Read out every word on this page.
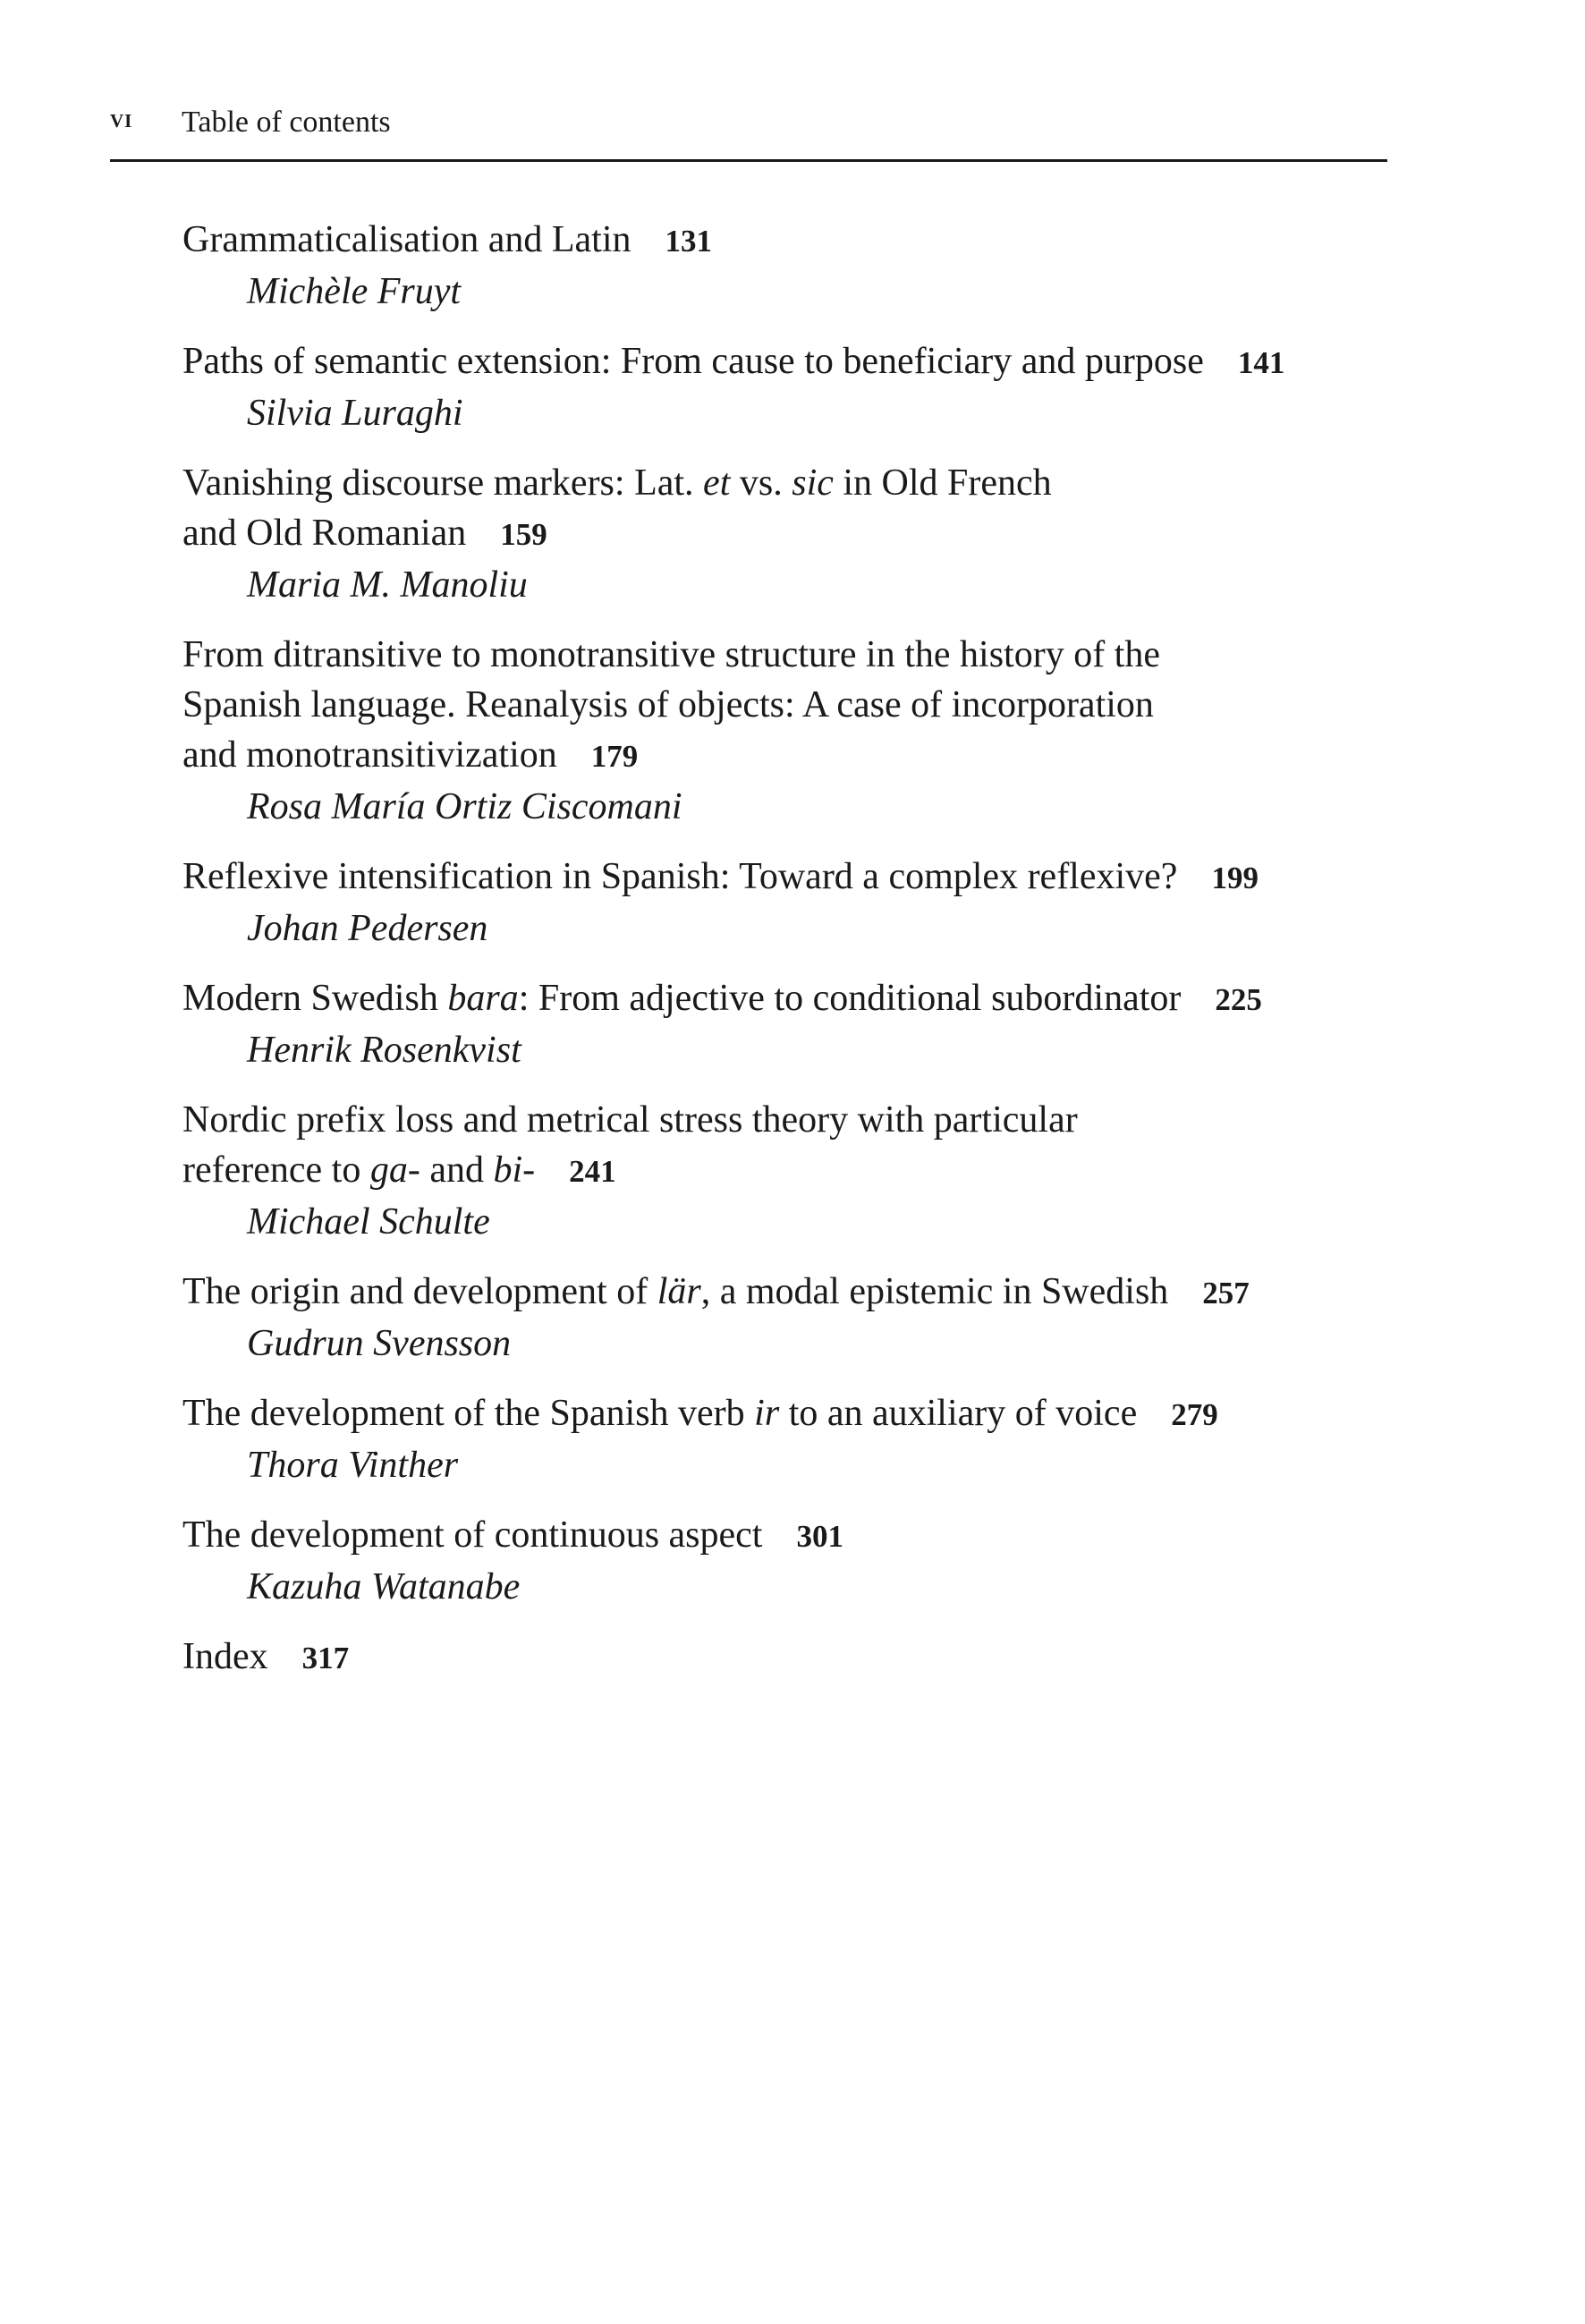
vi Table of contents
Grammaticalisation and Latin 131
Michèle Fruyt
Paths of semantic extension: From cause to beneficiary and purpose 141
Silvia Luraghi
Vanishing discourse markers: Lat. et vs. sic in Old French
and Old Romanian 159
Maria M. Manoliu
From ditransitive to monotransitive structure in the history of the
Spanish language. Reanalysis of objects: A case of incorporation
and monotransitivization 179
Rosa María Ortiz Ciscomani
Reflexive intensification in Spanish: Toward a complex reflexive? 199
Johan Pedersen
Modern Swedish bara: From adjective to conditional subordinator 225
Henrik Rosenkvist
Nordic prefix loss and metrical stress theory with particular
reference to ga- and bi- 241
Michael Schulte
The origin and development of lär, a modal epistemic in Swedish 257
Gudrun Svensson
The development of the Spanish verb ir to an auxiliary of voice 279
Thora Vinther
The development of continuous aspect 301
Kazuha Watanabe
Index 317
